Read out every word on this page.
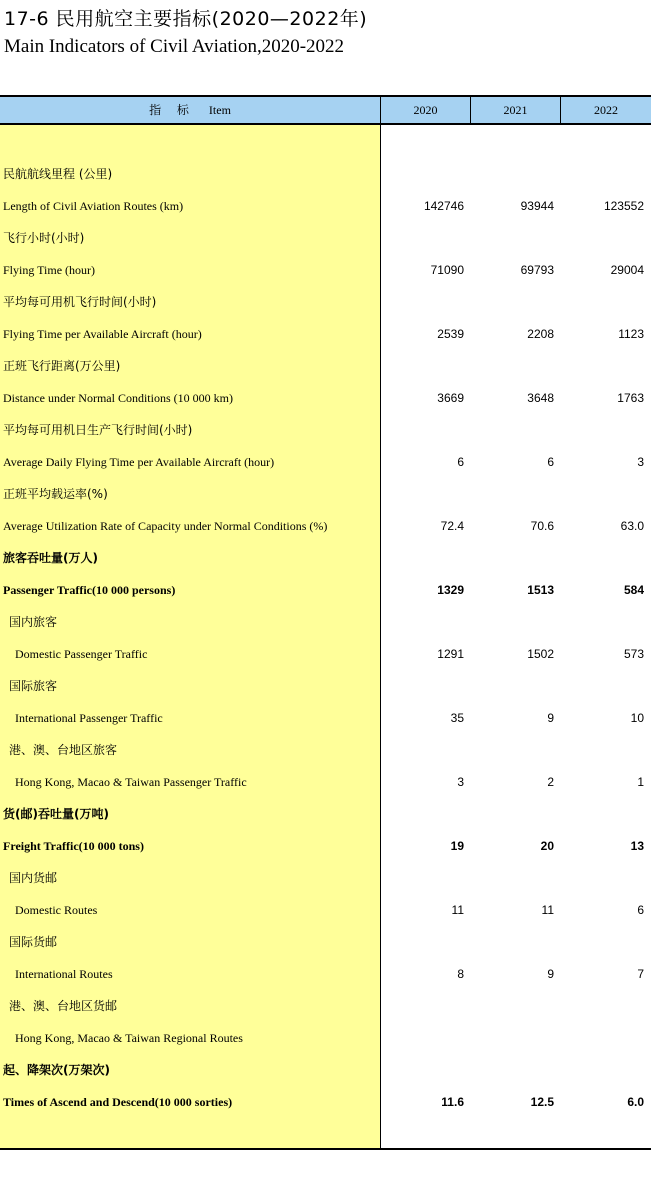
17-6 民用航空主要指标(2020—2022年)
Main Indicators of Civil Aviation,2020-2022
指 标 Item	2020	2021	2022
民航航线里程 (公里)
Length of Civil Aviation Routes (km)	142746	93944	123552
飞行小时(小时)
Flying Time (hour)	71090	69793	29004
平均每可用机飞行时间(小时)
Flying Time per Available Aircraft (hour)	2539	2208	1123
正班飞行距离(万公里)
Distance under Normal Conditions (10 000 km)	3669	3648	1763
平均每可用机日生产飞行时间(小时)
Average Daily Flying Time per Available Aircraft (hour)	6	6	3
正班平均载运率(%)
Average Utilization Rate of Capacity under Normal Conditions (%)	72.4	70.6	63.0
旅客吞吐量(万人)
Passenger Traffic(10 000 persons)	1329	1513	584
国内旅客
Domestic Passenger Traffic	1291	1502	573
国际旅客
International Passenger Traffic	35	9	10
港、澳、台地区旅客
Hong Kong, Macao & Taiwan Passenger Traffic	3	2	1
货(邮)吞吐量(万吨)
Freight Traffic(10 000 tons)	19	20	13
国内货邮
Domestic Routes	11	11	6
国际货邮
International Routes	8	9	7
港、澳、台地区货邮
Hong Kong, Macao & Taiwan Regional Routes
起、降架次(万架次)
Times of Ascend and Descend(10 000 sorties)	11.6	12.5	6.0
